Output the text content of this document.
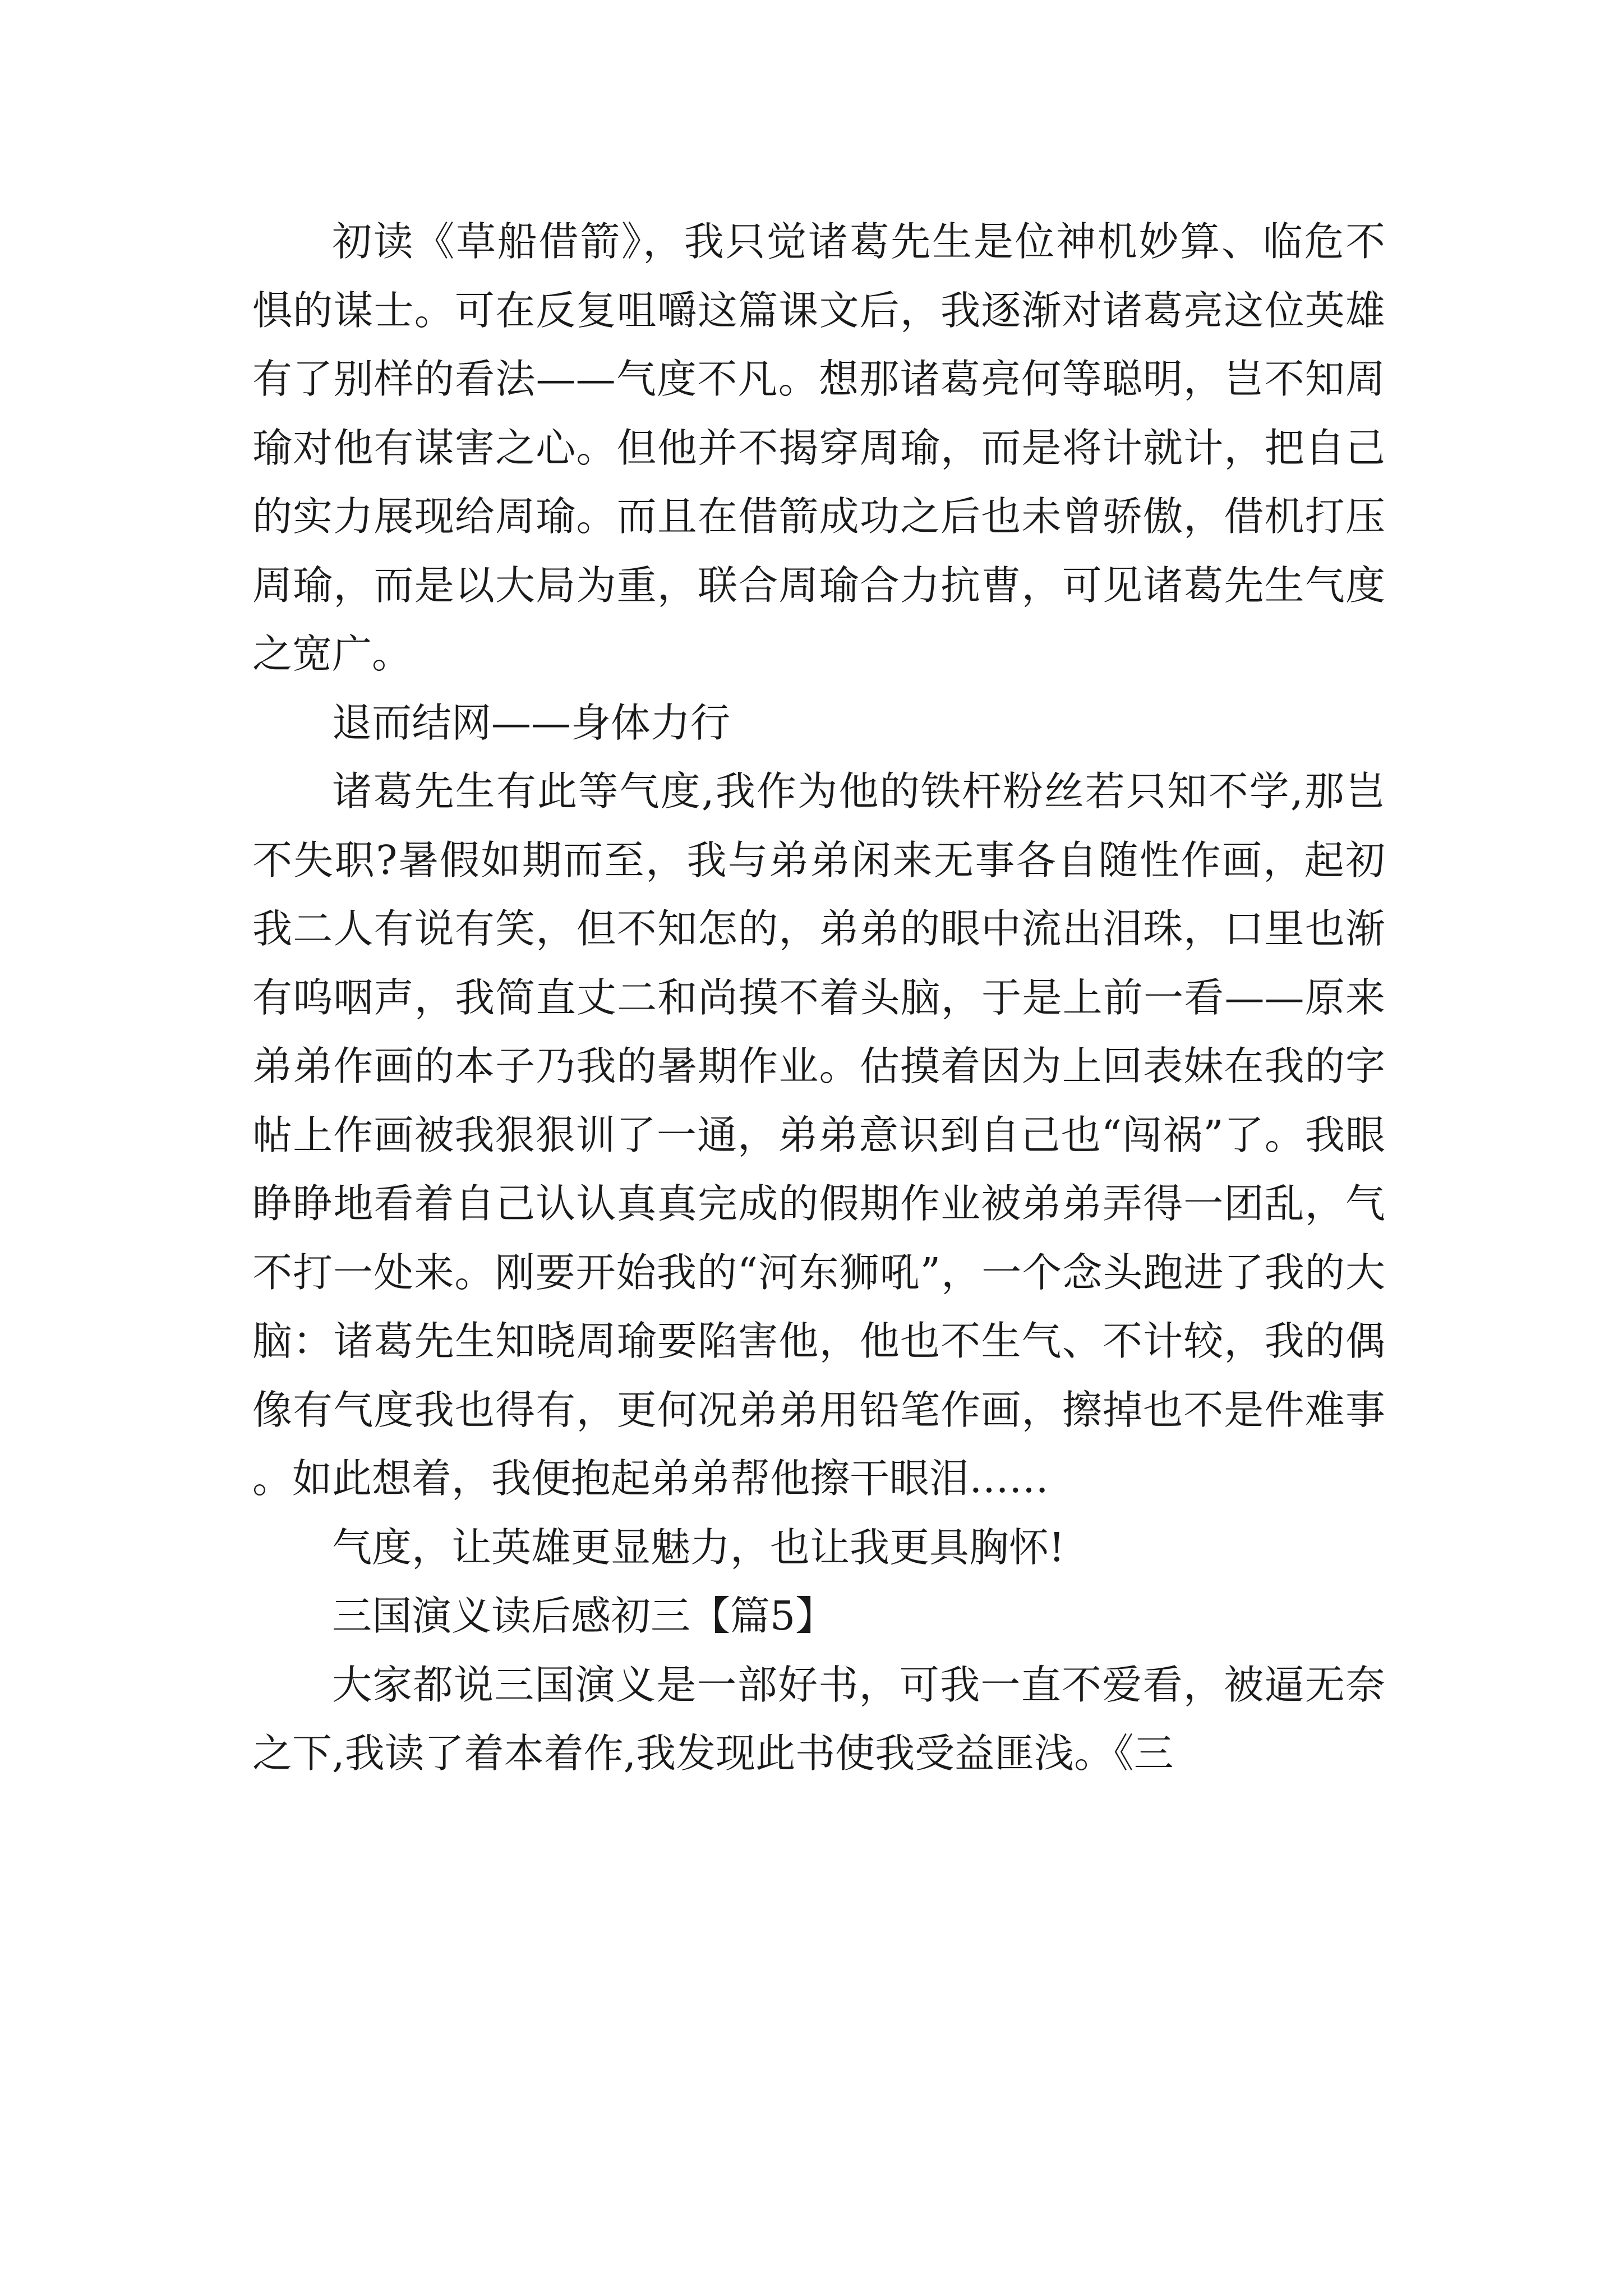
初读《草船借箭》，我只觉诸葛先生是位神机妙算、临危不惧的谋士。可在反复咀嚼这篇课文后，我逐渐对诸葛亮这位英雄有了别样的看法——气度不凡。想那诸葛亮何等聪明，岂不知周瑜对他有谋害之心。但他并不揭穿周瑜，而是将计就计，把自己的实力展现给周瑜。而且在借箭成功之后也未曾骄傲，借机打压周瑜，而是以大局为重，联合周瑜合力抗曹，可见诸葛先生气度之宽广。

退而结网——身体力行

诸葛先生有此等气度,我作为他的铁杆粉丝若只知不学,那岂不失职?暑假如期而至，我与弟弟闲来无事各自随性作画，起初我二人有说有笑，但不知怎的，弟弟的眼中流出泪珠，口里也渐有呜咽声，我简直丈二和尚摸不着头脑，于是上前一看——原来弟弟作画的本子乃我的暑期作业。估摸着因为上回表妹在我的字帖上作画被我狠狠训了一通，弟弟意识到自己也“闯祸”了。我眼睁睁地看着自己认认真真完成的假期作业被弟弟弄得一团乱，气不打一处来。刚要开始我的“河东狮吼”，一个念头跑进了我的大脑：诸葛先生知晓周瑜要陷害他，他也不生气、不计较，我的偶像有气度我也得有，更何况弟弟用铅笔作画，擦掉也不是件难事。如此想着，我便抱起弟弟帮他擦干眼泪……

气度，让英雄更显魅力，也让我更具胸怀!

三国演义读后感初三【篇5】

大家都说三国演义是一部好书，可我一直不爱看，被逼无奈之下,我读了着本着作,我发现此书使我受益匪浅。《三
